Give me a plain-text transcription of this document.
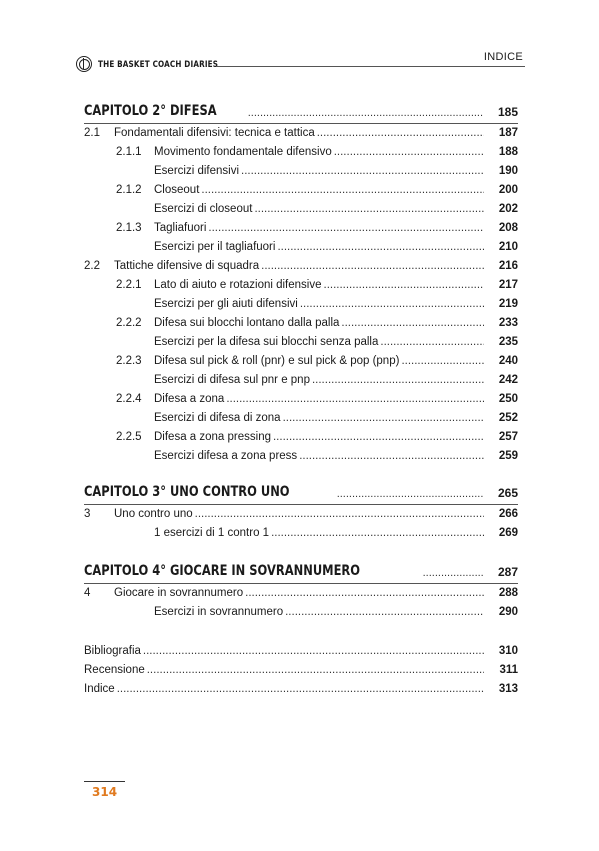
THE BASKET COACH DIARIES
INDICE
CAPITOLO 2° DIFESA .....	185
2.1 Fondamentali difensivi: tecnica e tattica .....	187
2.1.1 Movimento fondamentale difensivo .....	188
Esercizi difensivi .....	190
2.1.2 Closeout .....	200
Esercizi di closeout .....	202
2.1.3 Tagliafuori .....	208
Esercizi per il tagliafuori .....	210
2.2 Tattiche difensive di squadra .....	216
2.2.1 Lato di aiuto e rotazioni difensive .....	217
Esercizi per gli aiuti difensivi .....	219
2.2.2 Difesa sui blocchi lontano dalla palla .....	233
Esercizi per la difesa sui blocchi senza palla .....	235
2.2.3 Difesa sul pick & roll (pnr) e sul pick & pop (pnp) .....	240
Esercizi di difesa sul pnr e pnp .....	242
2.2.4 Difesa a zona .....	250
Esercizi di difesa di zona .....	252
2.2.5 Difesa a zona pressing .....	257
Esercizi difesa a zona press .....	259
CAPITOLO 3° UNO CONTRO UNO .....	265
3 Uno contro uno .....	266
1 esercizi di 1 contro 1 .....	269
CAPITOLO 4° GIOCARE IN SOVRANNUMERO .....	287
4 Giocare in sovrannumero .....	288
Esercizi in sovrannumero .....	290
Bibliografia .....	310
Recensione .....	311
Indice .....	313
314
